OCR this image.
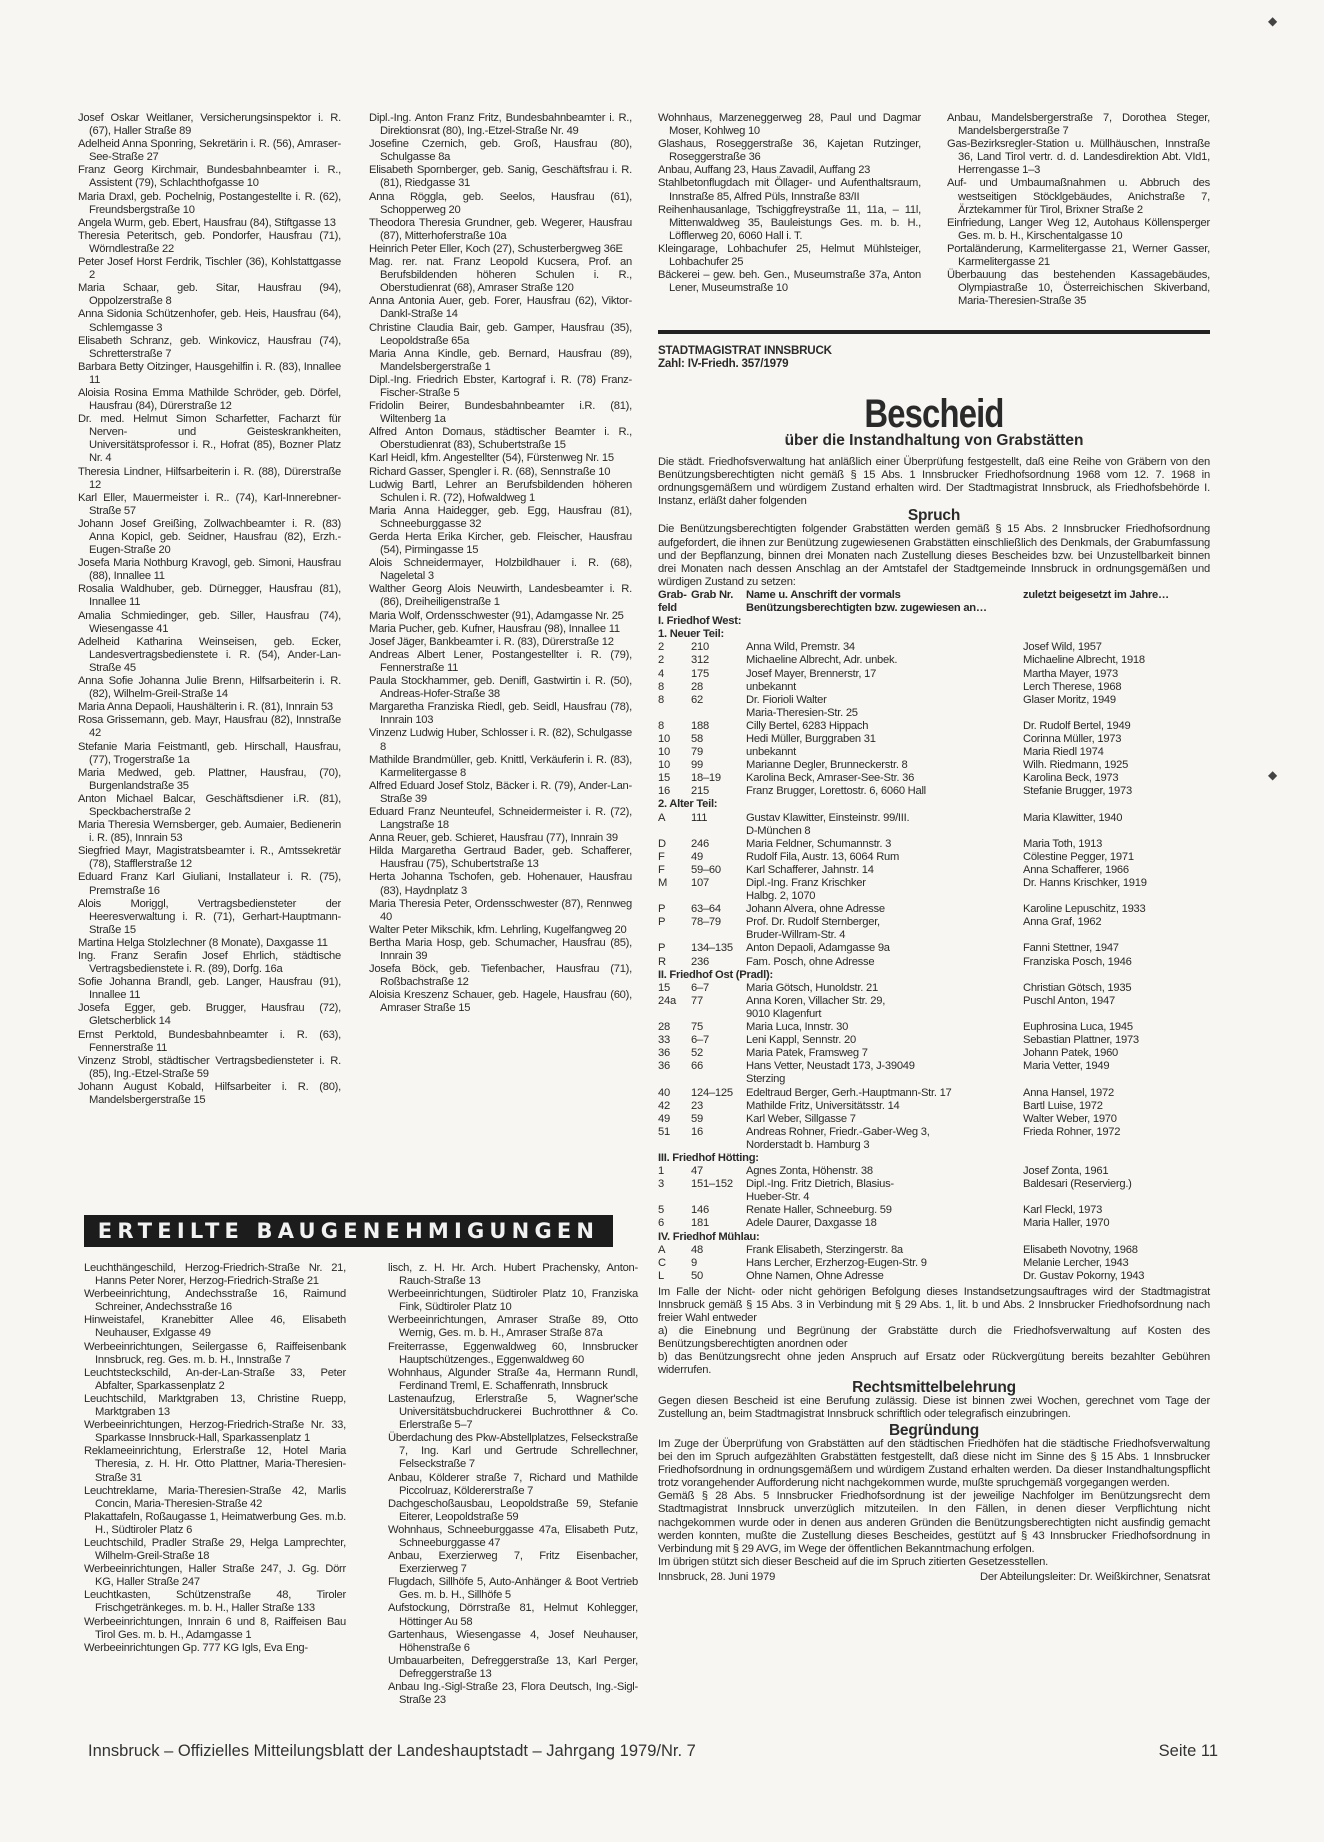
Josef Oskar Weitlaner, Versicherungsinspektor i. R. (67), Haller Straße 89

Adelheid Anna Sponring, Sekretärin i. R. (56), Amraser-See-Straße 27

Franz Georg Kirchmair, Bundesbahnbeamter i. R., Assistent (79), Schlachthofgasse 10

Maria Draxl, geb. Pochelnig, Postangestellte i. R. (62), Freundsbergstraße 10

Angela Wurm, geb. Ebert, Hausfrau (84), Stiftgasse 13

Theresia Peteritsch, geb. Pondorfer, Hausfrau (71), Wörndlestraße 22

Peter Josef Horst Ferdrik, Tischler (36), Kohlstattgasse 2

Maria Schaar, geb. Sitar, Hausfrau (94), Oppolzerstraße 8

Anna Sidonia Schützenhofer, geb. Heis, Hausfrau (64), Schlemgasse 3

Elisabeth Schranz, geb. Winkovicz, Hausfrau (74), Schretterstraße 7

Barbara Betty Oitzinger, Hausgehilfin i. R. (83), Innallee 11

Aloisia Rosina Emma Mathilde Schröder, geb. Dörfel, Hausfrau (84), Dürerstraße 12

Dr. med. Helmut Simon Scharfetter, Facharzt für Nerven- und Geisteskrankheiten, Universitätsprofessor i. R., Hofrat (85), Bozner Platz Nr. 4

Theresia Lindner, Hilfsarbeiterin i. R. (88), Dürerstraße 12

Karl Eller, Mauermeister i. R.. (74), Karl-Innerebner-Straße 57

Johann Josef Greißing, Zollwachbeamter i. R. (83) Anna Kopicl, geb. Seidner, Hausfrau (82), Erzh.-Eugen-Straße 20

Josefa Maria Nothburg Kravogl, geb. Simoni, Hausfrau (88), Innallee 11

Rosalia Waldhuber, geb. Dürnegger, Hausfrau (81), Innallee 11

Amalia Schmiedinger, geb. Siller, Hausfrau (74), Wiesengasse 41

Adelheid Katharina Weinseisen, geb. Ecker, Landesvertragsbedienstete i. R. (54), Ander-Lan-Straße 45

Anna Sofie Johanna Julie Brenn, Hilfsarbeiterin i. R. (82), Wilhelm-Greil-Straße 14

Maria Anna Depaoli, Haushälterin i. R. (81), Innrain 53

Rosa Grissemann, geb. Mayr, Hausfrau (82), Innstraße 42

Stefanie Maria Feistmantl, geb. Hirschall, Hausfrau, (77), Trogerstraße 1a

Maria Medwed, geb. Plattner, Hausfrau, (70), Burgenlandstraße 35

Anton Michael Balcar, Geschäftsdiener i.R. (81), Speckbacherstraße 2

Maria Theresia Wernsberger, geb. Aumaier, Bedienerin i. R. (85), Innrain 53

Siegfried Mayr, Magistratsbeamter i. R., Amtssekretär (78), Stafflerstraße 12

Eduard Franz Karl Giuliani, Installateur i. R. (75), Premstraße 16

Alois Moriggl, Vertragsbediensteter der Heeresverwaltung i. R. (71), Gerhart-Hauptmann-Straße 15

Martina Helga Stolzlechner (8 Monate), Daxgasse 11

Ing. Franz Serafin Josef Ehrlich, städtische Vertragsbedienstete i. R. (89), Dorfg. 16a

Sofie Johanna Brandl, geb. Langer, Hausfrau (91), Innallee 11

Josefa Egger, geb. Brugger, Hausfrau (72), Gletscherblick 14

Ernst Perktold, Bundesbahnbeamter i. R. (63), Fennerstraße 11

Vinzenz Strobl, städtischer Vertragsbediensteter i. R. (85), Ing.-Etzel-Straße 59

Johann August Kobald, Hilfsarbeiter i. R. (80), Mandelsbergerstraße 15

Dipl.-Ing. Anton Franz Fritz, Bundesbahnbeamter i. R., Direktionsrat (80), Ing.-Etzel-Straße Nr. 49

Josefine Czernich, geb. Groß, Hausfrau (80), Schulgasse 8a

Elisabeth Spornberger, geb. Sanig, Geschäftsfrau i. R. (81), Riedgasse 31

Anna Röggla, geb. Seelos, Hausfrau (61), Schopperweg 20

Theodora Theresia Grundner, geb. Wegerer, Hausfrau (87), Mitterhoferstraße 10a

Heinrich Peter Eller, Koch (27), Schusterbergweg 36E

Mag. rer. nat. Franz Leopold Kucsera, Prof. an Berufsbildenden höheren Schulen i. R., Oberstudienrat (68), Amraser Straße 120

Anna Antonia Auer, geb. Forer, Hausfrau (62), Viktor-Dankl-Straße 14

Christine Claudia Bair, geb. Gamper, Hausfrau (35), Leopoldstraße 65a

Maria Anna Kindle, geb. Bernard, Hausfrau (89), Mandelsbergerstraße 1

Dipl.-Ing. Friedrich Ebster, Kartograf i. R. (78) Franz-Fischer-Straße 5

Fridolin Beirer, Bundesbahnbeamter i.R. (81), Wiltenberg 1a

Alfred Anton Domaus, städtischer Beamter i. R., Oberstudienrat (83), Schubertstraße 15

Karl Heidl, kfm. Angestellter (54), Fürstenweg Nr. 15

Richard Gasser, Spengler i. R. (68), Sennstraße 10

Ludwig Bartl, Lehrer an Berufsbildenden höheren Schulen i. R. (72), Hofwaldweg 1

Maria Anna Haidegger, geb. Egg, Hausfrau (81), Schneeburggasse 32

Gerda Herta Erika Kircher, geb. Fleischer, Hausfrau (54), Pirmingasse 15

Alois Schneidermayer, Holzbildhauer i. R. (68), Nageletal 3

Walther Georg Alois Neuwirth, Landesbeamter i. R. (86), Dreiheiligenstraße 1

Maria Wolf, Ordensschwester (91), Adamgasse Nr. 25

Maria Pucher, geb. Kufner, Hausfrau (98), Innallee 11

Josef Jäger, Bankbeamter i. R. (83), Dürerstraße 12

Andreas Albert Lener, Postangestellter i. R. (79), Fennerstraße 11

Paula Stockhammer, geb. Denifl, Gastwirtin i. R. (50), Andreas-Hofer-Straße 38

Margaretha Franziska Riedl, geb. Seidl, Hausfrau (78), Innrain 103

Vinzenz Ludwig Huber, Schlosser i. R. (82), Schulgasse 8

Mathilde Brandmüller, geb. Knittl, Verkäuferin i. R. (83), Karmelitergasse 8

Alfred Eduard Josef Stolz, Bäcker i. R. (79), Ander-Lan-Straße 39

Eduard Franz Neunteufel, Schneidermeister i. R. (72), Langstraße 18

Anna Reuer, geb. Schieret, Hausfrau (77), Innrain 39

Hilda Margaretha Gertraud Bader, geb. Schafferer, Hausfrau (75), Schubertstraße 13

Herta Johanna Tschofen, geb. Hohenauer, Hausfrau (83), Haydnplatz 3

Maria Theresia Peter, Ordensschwester (87), Rennweg 40

Walter Peter Mikschik, kfm. Lehrling, Kugelfangweg 20

Bertha Maria Hosp, geb. Schumacher, Hausfrau (85), Innrain 39

Josefa Böck, geb. Tiefenbacher, Hausfrau (71), Roßbachstraße 12

Aloisia Kreszenz Schauer, geb. Hagele, Hausfrau (60), Amraser Straße 15

Wohnhaus, Marzeneggerweg 28, Paul und Dagmar Moser, Kohlweg 10

Glashaus, Roseggerstraße 36, Kajetan Rutzinger, Roseggerstraße 36

Anbau, Auffang 23, Haus Zavadil, Auffang 23

Stahlbetonflugdach mit Öllager- und Aufenthaltsraum, Innstraße 85, Alfred Püls, Innstraße 83/II

Reihenhausanlage, Tschiggfreystraße 11, 11a, – 11l, Mittenwaldweg 35, Bauleistungs Ges. m. b. H., Löfflerweg 20, 6060 Hall i. T.

Kleingarage, Lohbachufer 25, Helmut Mühlsteiger, Lohbachufer 25

Bäckerei – gew. beh. Gen., Museumstraße 37a, Anton Lener, Museumstraße 10

Anbau, Mandelsbergerstraße 7, Dorothea Steger, Mandelsbergerstraße 7

Gas-Bezirksregler-Station u. Müllhäuschen, Innstraße 36, Land Tirol vertr. d. d. Landesdirektion Abt. VId1, Herrengasse 1–3

Auf- und Umbaumaßnahmen u. Abbruch des westseitigen Stöcklgebäudes, Anichstraße 7, Ärztekammer für Tirol, Brixner Straße 2

Einfriedung, Langer Weg 12, Autohaus Köllensperger Ges. m. b. H., Kirschentalgasse 10

Portaländerung, Karmelitergasse 21, Werner Gasser, Karmelitergasse 21

Überbauung das bestehenden Kassagebäudes, Olympiastraße 10, Österreichischen Skiverband, Maria-Theresien-Straße 35

STADTMAGISTRAT INNSBRUCK
Zahl: IV-Friedh. 357/1979
Bescheid
über die Instandhaltung von Grabstätten

Die städt. Friedhofsverwaltung hat anläßlich einer Überprüfung festgestellt, daß eine Reihe von Gräbern von den Benützungsberechtigten nicht gemäß § 15 Abs. 1 Innsbrucker Friedhofsordnung 1968 vom 12. 7. 1968 in ordnungsgemäßem und würdigem Zustand erhalten wird. Der Stadtmagistrat Innsbruck, als Friedhofsbehörde I. Instanz, erläßt daher folgenden

Spruch

Die Benützungsberechtigten folgender Grabstätten werden gemäß § 15 Abs. 2 Innsbrucker Friedhofsordnung aufgefordert, die ihnen zur Benützung zugewiesenen Grabstätten einschließlich des Denkmals, der Grabumfassung und der Bepflanzung, binnen drei Monaten nach Zustellung dieses Bescheides bzw. bei Unzustellbarkeit binnen drei Monaten nach dessen Anschlag an der Amtstafel der Stadtgemeinde Innsbruck in ordnungsgemäßen und würdigen Zustand zu setzen:

Grab-feld	Grab Nr.	Name u. Anschrift der vormals Benützungsberechtigten bzw. zugewiesen an…	zuletzt beigesetzt im Jahre…
I. Friedhof West:			
1. Neuer Teil:			
2	210	Anna Wild, Premstr. 34	Josef Wild, 1957
2	312	Michaeline Albrecht, Adr. unbek.	Michaeline Albrecht, 1918
4	175	Josef Mayer, Brennerstr, 17	Martha Mayer, 1973
8	28	unbekannt	Lerch Therese, 1968
8	62	Dr. Fiorioli Walter	Glaser Moritz, 1949
		Maria-Theresien-Str. 25	
8	188	Cilly Bertel, 6283 Hippach	Dr. Rudolf Bertel, 1949
10	58	Hedi Müller, Burggraben 31	Corinna Müller, 1973
10	79	unbekannt	Maria Riedl 1974
10	99	Marianne Degler, Brunneckerstr. 8	Wilh. Riedmann, 1925
15	18–19	Karolina Beck, Amraser-See-Str. 36	Karolina Beck, 1973
16	215	Franz Brugger, Lorettostr. 6, 6060 Hall	Stefanie Brugger, 1973
2. Alter Teil:			
A	111	Gustav Klawitter, Einsteinstr. 99/III.	Maria Klawitter, 1940
		D-München 8	
D	246	Maria Feldner, Schumannstr. 3	Maria Toth, 1913
F	49	Rudolf Fila, Austr. 13, 6064 Rum	Cölestine Pegger, 1971
F	59–60	Karl Schafferer, Jahnstr. 14	Anna Schafferer, 1966
M	107	Dipl.-Ing. Franz Krischker	Dr. Hanns Krischker, 1919
		Halbg. 2, 1070	
P	63–64	Johann Alvera, ohne Adresse	Karoline Lepuschitz, 1933
P	78–79	Prof. Dr. Rudolf Sternberger,	Anna Graf, 1962
		Bruder-Willram-Str. 4	
P	134–135	Anton Depaoli, Adamgasse 9a	Fanni Stettner, 1947
R	236	Fam. Posch, ohne Adresse	Franziska Posch, 1946
II. Friedhof Ost (Pradl):			
15	6–7	Maria Götsch, Hunoldstr. 21	Christian Götsch, 1935
24a	77	Anna Koren, Villacher Str. 29,	Puschl Anton, 1947
		9010 Klagenfurt	
28	75	Maria Luca, Innstr. 30	Euphrosina Luca, 1945
33	6–7	Leni Kappl, Sennstr. 20	Sebastian Plattner, 1973
36	52	Maria Patek, Framsweg 7	Johann Patek, 1960
36	66	Hans Vetter, Neustadt 173, J-39049	Maria Vetter, 1949
		Sterzing	
40	124–125	Edeltraud Berger, Gerh.-Hauptmann-Str. 17	Anna Hansel, 1972
42	23	Mathilde Fritz, Universitätsstr. 14	Bartl Luise, 1972
49	59	Karl Weber, Sillgasse 7	Walter Weber, 1970
51	16	Andreas Rohner, Friedr.-Gaber-Weg 3,	Frieda Rohner, 1972
		Norderstadt b. Hamburg 3	
III. Friedhof Hötting:			
1	47	Agnes Zonta, Höhenstr. 38	Josef Zonta, 1961
3	151–152	Dipl.-Ing. Fritz Dietrich, Blasius-	Baldesari (Reservierg.)
		Hueber-Str. 4	
5	146	Renate Haller, Schneeburg. 59	Karl Fleckl, 1973
6	181	Adele Daurer, Daxgasse 18	Maria Haller, 1970
IV. Friedhof Mühlau:			
A	48	Frank Elisabeth, Sterzingerstr. 8a	Elisabeth Novotny, 1968
C	9	Hans Lercher, Erzherzog-Eugen-Str. 9	Melanie Lercher, 1943
L	50	Ohne Namen, Ohne Adresse	Dr. Gustav Pokorny, 1943

Im Falle der Nicht- oder nicht gehörigen Befolgung dieses Instandsetzungsauftrages wird der Stadtmagistrat Innsbruck gemäß § 15 Abs. 3 in Verbindung mit § 29 Abs. 1, lit. b und Abs. 2 Innsbrucker Friedhofsordnung nach freier Wahl entweder

a) die Einebnung und Begrünung der Grabstätte durch die Friedhofsverwaltung auf Kosten des Benützungsberechtigten anordnen oder

b) das Benützungsrecht ohne jeden Anspruch auf Ersatz oder Rückvergütung bereits bezahlter Gebühren widerrufen.

Rechtsmittelbelehrung

Gegen diesen Bescheid ist eine Berufung zulässig. Diese ist binnen zwei Wochen, gerechnet vom Tage der Zustellung an, beim Stadtmagistrat Innsbruck schriftlich oder telegrafisch einzubringen.

Begründung

Im Zuge der Überprüfung von Grabstätten auf den städtischen Friedhöfen hat die städtische Friedhofsverwaltung bei den im Spruch aufgezählten Grabstätten festgestellt, daß diese nicht im Sinne des § 15 Abs. 1 Innsbrucker Friedhofsordnung in ordnungsgemäßem und würdigem Zustand erhalten werden. Da dieser Instandhaltungspflicht trotz vorangehender Aufforderung nicht nachgekommen wurde, mußte spruchgemäß vorgegangen werden.

Gemäß § 28 Abs. 5 Innsbrucker Friedhofsordnung ist der jeweilige Nachfolger im Benützungsrecht dem Stadtmagistrat Innsbruck unverzüglich mitzuteilen. In den Fällen, in denen dieser Verpflichtung nicht nachgekommen wurde oder in denen aus anderen Gründen die Benützungsberechtigten nicht ausfindig gemacht werden konnten, mußte die Zustellung dieses Bescheides, gestützt auf § 43 Innsbrucker Friedhofsordnung in Verbindung mit § 29 AVG, im Wege der öffentlichen Bekanntmachung erfolgen.

Im übrigen stützt sich dieser Bescheid auf die im Spruch zitierten Gesetzesstellen.

Innsbruck, 28. Juni 1979	Der Abteilungsleiter: Dr. Weißkirchner, Senatsrat
ERTEILTE BAUGENEHMIGUNGEN

Leuchthängeschild, Herzog-Friedrich-Straße Nr. 21, Hanns Peter Norer, Herzog-Friedrich-Straße 21

Werbeeinrichtung, Andechsstraße 16, Raimund Schreiner, Andechsstraße 16

Hinweistafel, Kranebitter Allee 46, Elisabeth Neuhauser, Exlgasse 49

Werbeeinrichtungen, Seilergasse 6, Raiffeisenbank Innsbruck, reg. Ges. m. b. H., Innstraße 7

Leuchtsteckschild, An-der-Lan-Straße 33, Peter Abfalter, Sparkassenplatz 2

Leuchtschild, Marktgraben 13, Christine Ruepp, Marktgraben 13

Werbeeinrichtungen, Herzog-Friedrich-Straße Nr. 33, Sparkasse Innsbruck-Hall, Sparkassenplatz 1

Reklameeinrichtung, Erlerstraße 12, Hotel Maria Theresia, z. H. Hr. Otto Plattner, Maria-Theresien-Straße 31

Leuchtreklame, Maria-Theresien-Straße 42, Marlis Concin, Maria-Theresien-Straße 42

Plakattafeln, Roßaugasse 1, Heimatwerbung Ges. m.b. H., Südtiroler Platz 6

Leuchtschild, Pradler Straße 29, Helga Lamprechter, Wilhelm-Greil-Straße 18

Werbeeinrichtungen, Haller Straße 247, J. Gg. Dörr KG, Haller Straße 247

Leuchtkasten, Schützenstraße 48, Tiroler Frischgetränkeges. m. b. H., Haller Straße 133

Werbeeinrichtungen, Innrain 6 und 8, Raiffeisen Bau Tirol Ges. m. b. H., Adamgasse 1

Werbeeinrichtungen Gp. 777 KG Igls, Eva Eng-

lisch, z. H. Hr. Arch. Hubert Prachensky, Anton-Rauch-Straße 13

Werbeeinrichtungen, Südtiroler Platz 10, Franziska Fink, Südtiroler Platz 10

Werbeeinrichtungen, Amraser Straße 89, Otto Wernig, Ges. m. b. H., Amraser Straße 87a

Freiterrasse, Eggenwaldweg 60, Innsbrucker Hauptschützenges., Eggenwaldweg 60

Wohnhaus, Algunder Straße 4a, Hermann Rundl, Ferdinand Treml, E. Schaffenrath, Innsbruck

Lastenaufzug, Erlerstraße 5, Wagner'sche Universitätsbuchdruckerei Buchrotthner & Co. Erlerstraße 5–7

Überdachung des Pkw-Abstellplatzes, Felseckstraße 7, Ing. Karl und Gertrude Schrellechner, Felseckstraße 7

Anbau, Kölderer straße 7, Richard und Mathilde Piccolruaz, Köldererstraße 7

Dachgeschoßausbau, Leopoldstraße 59, Stefanie Eiterer, Leopoldstraße 59

Wohnhaus, Schneeburggasse 47a, Elisabeth Putz, Schneeburggasse 47

Anbau, Exerzierweg 7, Fritz Eisenbacher, Exerzierweg 7

Flugdach, Sillhöfe 5, Auto-Anhänger & Boot Vertrieb Ges. m. b. H., Sillhöfe 5

Aufstockung, Dörrstraße 81, Helmut Kohlegger, Höttinger Au 58

Gartenhaus, Wiesengasse 4, Josef Neuhauser, Höhenstraße 6

Umbauarbeiten, Defreggerstraße 13, Karl Perger, Defreggerstraße 13

Anbau Ing.-Sigl-Straße 23, Flora Deutsch, Ing.-Sigl-Straße 23

Innsbruck – Offizielles Mitteilungsblatt der Landeshauptstadt – Jahrgang 1979/Nr. 7	Seite 11
◆
◆
